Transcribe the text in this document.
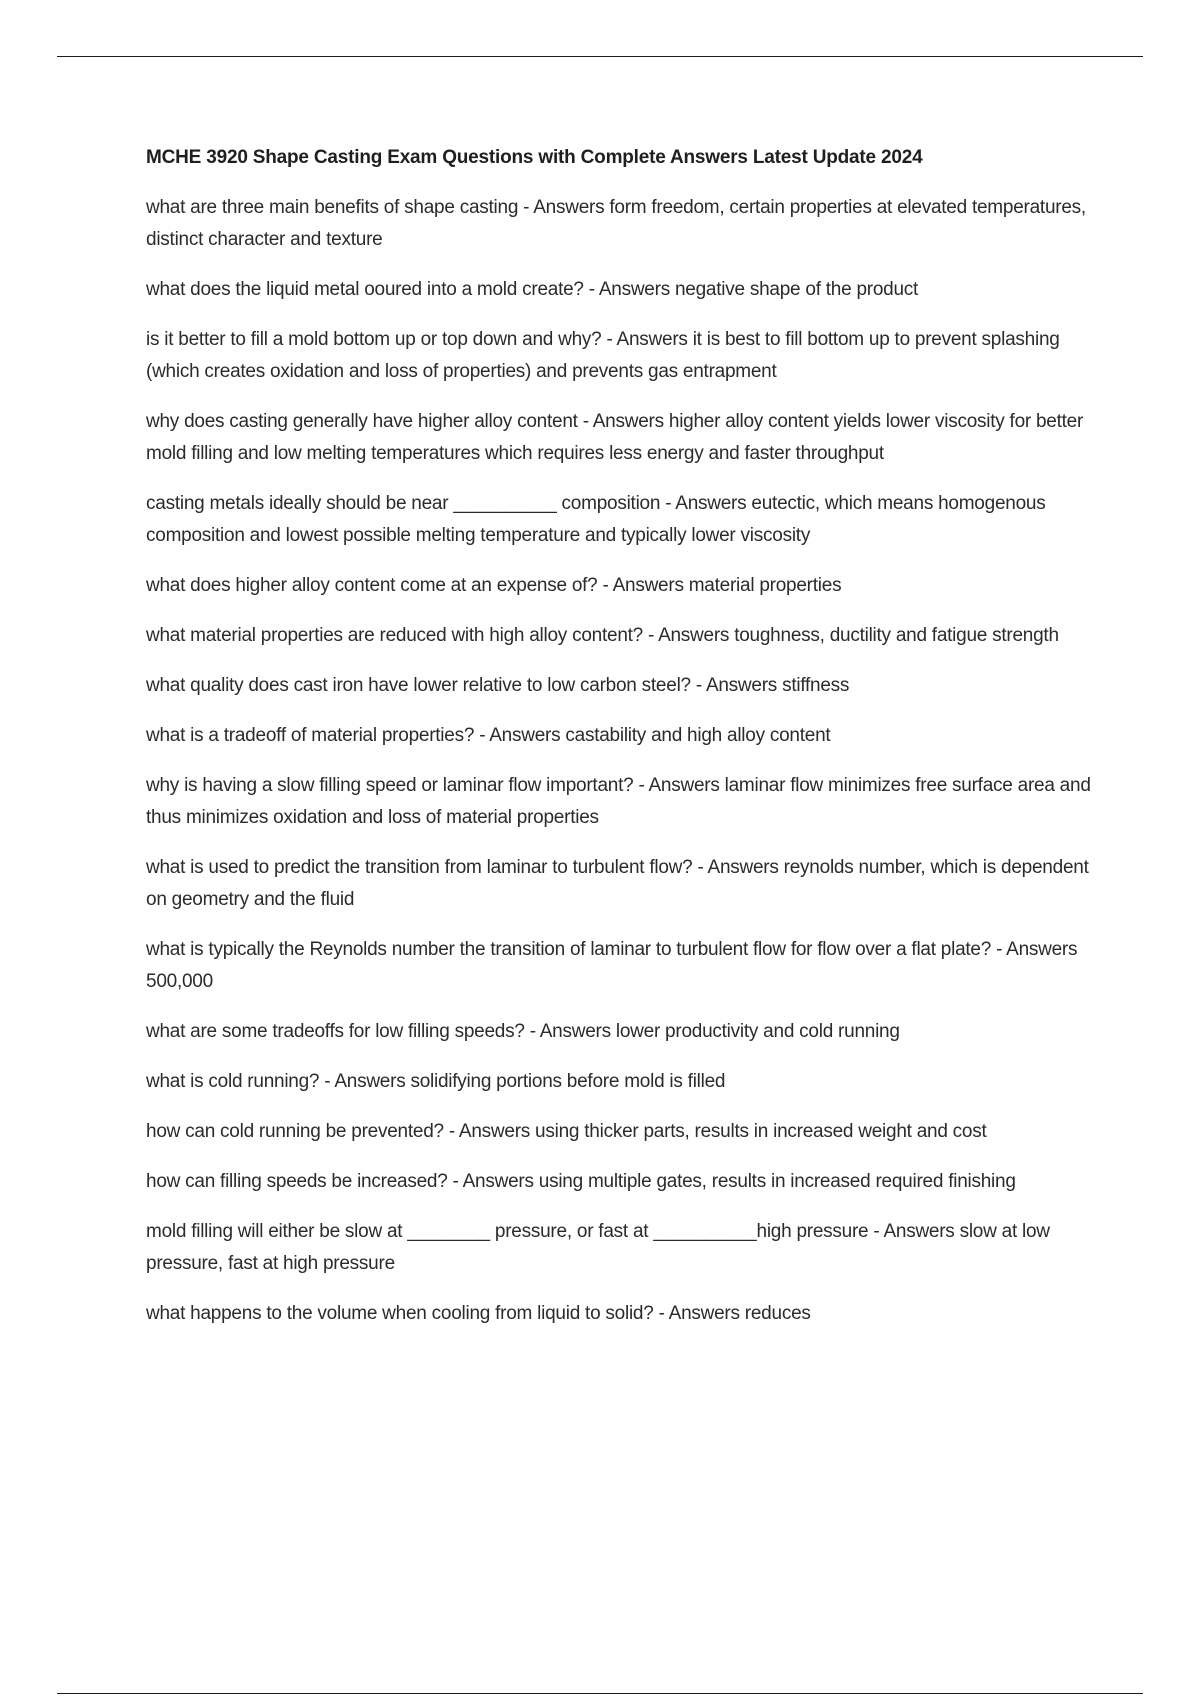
MCHE 3920 Shape Casting Exam Questions with Complete Answers Latest Update 2024
what are three main benefits of shape casting - Answers form freedom, certain properties at elevated temperatures, distinct character and texture
what does the liquid metal ooured into a mold create? - Answers negative shape of the product
is it better to fill a mold bottom up or top down and why? - Answers it is best to fill bottom up to prevent splashing (which creates oxidation and loss of properties) and prevents gas entrapment
why does casting generally have higher alloy content - Answers higher alloy content yields lower viscosity for better mold filling and low melting temperatures which requires less energy and faster throughput
casting metals ideally should be near __________ composition - Answers eutectic, which means homogenous composition and lowest possible melting temperature and typically lower viscosity
what does higher alloy content come at an expense of? - Answers material properties
what material properties are reduced with high alloy content? - Answers toughness, ductility and fatigue strength
what quality does cast iron have lower relative to low carbon steel? - Answers stiffness
what is a tradeoff of material properties? - Answers castability and high alloy content
why is having a slow filling speed or laminar flow important? - Answers laminar flow minimizes free surface area and thus minimizes oxidation and loss of material properties
what is used to predict the transition from laminar to turbulent flow? - Answers reynolds number, which is dependent on geometry and the fluid
what is typically the Reynolds number the transition of laminar to turbulent flow for flow over a flat plate? - Answers 500,000
what are some tradeoffs for low filling speeds? - Answers lower productivity and cold running
what is cold running? - Answers solidifying portions before mold is filled
how can cold running be prevented? - Answers using thicker parts, results in increased weight and cost
how can filling speeds be increased? - Answers using multiple gates, results in increased required finishing
mold filling will either be slow at ________ pressure, or fast at __________high pressure - Answers slow at low pressure, fast at high pressure
what happens to the volume when cooling from liquid to solid? - Answers reduces
